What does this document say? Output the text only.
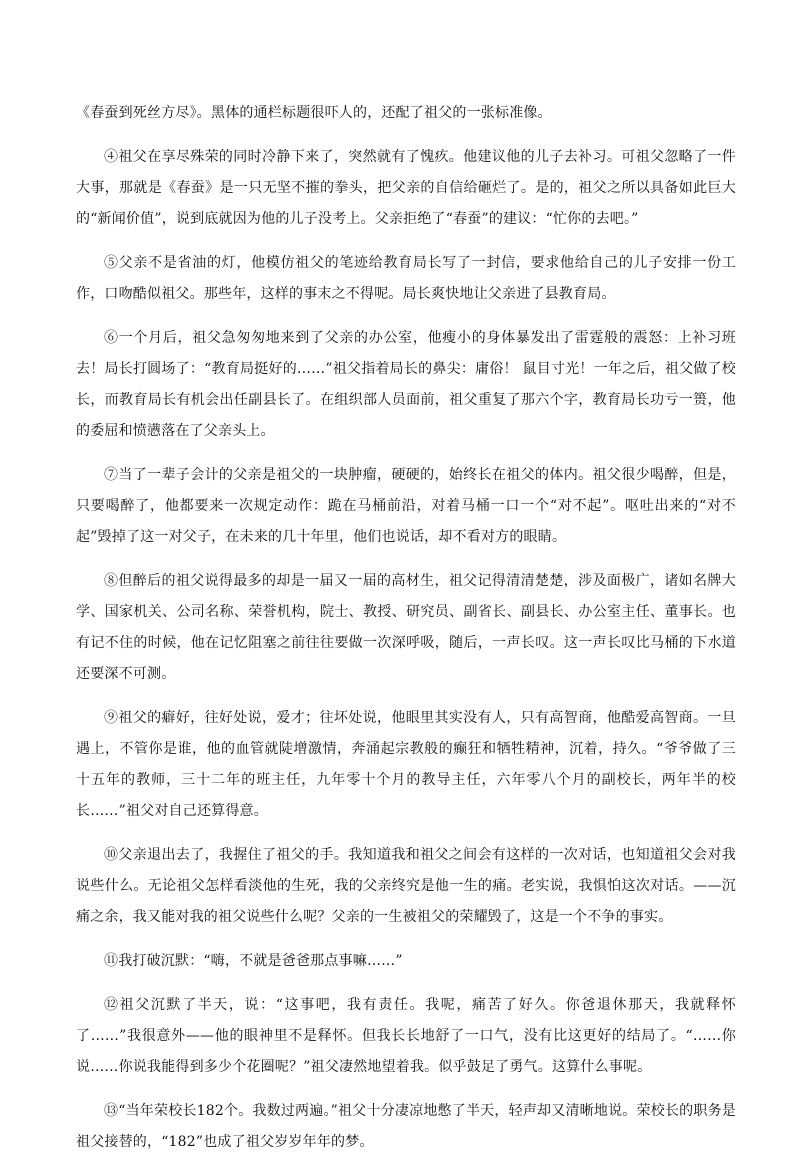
《春蚕到死丝方尽》。黑体的通栏标题很吓人的，还配了祖父的一张标准像。

④祖父在享尽殊荣的同时冷静下来了，突然就有了愧疚。他建议他的儿子去补习。可祖父忽略了一件大事，那就是《春蚕》是一只无坚不摧的拳头，把父亲的自信给砸烂了。是的，祖父之所以具备如此巨大的“新闻价值”，说到底就因为他的儿子没考上。父亲拒绝了“春蚕”的建议：“忙你的去吧。”

⑤父亲不是省油的灯，他模仿祖父的笔迹给教育局长写了一封信，要求他给自己的儿子安排一份工作，口吻酷似祖父。那些年，这样的事末之不得呢。局长爽快地让父亲进了县教育局。

⑥一个月后，祖父急匆匆地来到了父亲的办公室，他瘦小的身体暴发出了雷霆般的震怒：上补习班去！局长打圆场了：“教育局挺好的……”祖父指着局长的鼻尖：庸俗！ 鼠目寸光！一年之后，祖父做了校长，而教育局长有机会出任副县长了。在组织部人员面前，祖父重复了那六个字，教育局长功亏一篑，他的委屈和愤懑落在了父亲头上。

⑦当了一辈子会计的父亲是祖父的一块肿瘤，硬硬的，始终长在祖父的体内。祖父很少喝醉，但是，只要喝醉了，他都要来一次规定动作：跪在马桶前沿，对着马桶一口一个“对不起”。呕吐出来的“对不起”毁掉了这一对父子，在未来的几十年里，他们也说话，却不看对方的眼睛。

⑧但醉后的祖父说得最多的却是一届又一届的高材生，祖父记得清清楚楚，涉及面极广，诸如名牌大学、国家机关、公司名称、荣誉机构，院士、教授、研究员、副省长、副县长、办公室主任、董事长。也有记不住的时候，他在记忆阻塞之前往往要做一次深呼吸，随后，一声长叹。这一声长叹比马桶的下水道还要深不可测。

⑨祖父的癖好，往好处说，爱才；往坏处说，他眼里其实没有人，只有高智商，他酷爱高智商。一旦遇上，不管你是谁，他的血管就陡增激情，奔涌起宗教般的癫狂和牺牲精神，沉着，持久。“爷爷做了三十五年的教师，三十二年的班主任，九年零十个月的教导主任，六年零八个月的副校长，两年半的校长……”祖父对自己还算得意。

⑩父亲退出去了，我握住了祖父的手。我知道我和祖父之间会有这样的一次对话，也知道祖父会对我说些什么。无论祖父怎样看淡他的生死，我的父亲终究是他一生的痛。老实说，我惧怕这次对话。——沉痛之余，我又能对我的祖父说些什么呢？父亲的一生被祖父的荣耀毁了，这是一个不争的事实。

⑪我打破沉默：“嗨，不就是爸爸那点事嘛……”

⑫祖父沉默了半天，说：“这事吧，我有责任。我呢，痛苦了好久。你爸退休那天，我就释怀了……”我很意外——他的眼神里不是释怀。但我长长地舒了一口气，没有比这更好的结局了。“……你说……你说我能得到多少个花圈呢？”祖父凄然地望着我。似乎鼓足了勇气。这算什么事呢。

⑬“当年荣校长182个。我数过两遍。”祖父十分凄凉地憋了半天，轻声却又清晰地说。荣校长的职务是祖父接替的，“182”也成了祖父岁岁年年的梦。
